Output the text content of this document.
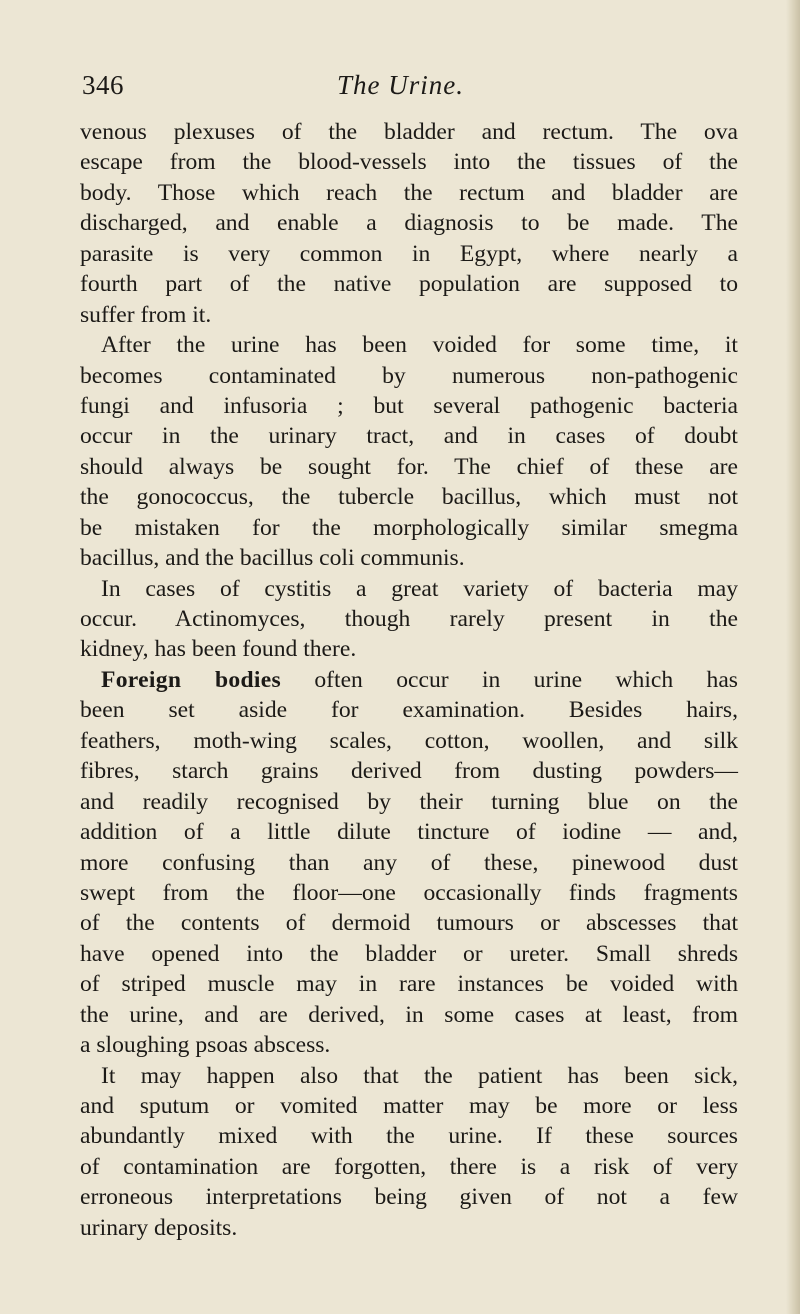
346	The Urine.
venous plexuses of the bladder and rectum. The ova
escape from the blood-vessels into the tissues of the
body. Those which reach the rectum and bladder are
discharged, and enable a diagnosis to be made. The
parasite is very common in Egypt, where nearly a
fourth part of the native population are supposed to
suffer from it.
After the urine has been voided for some time, it
becomes contaminated by numerous non-pathogenic
fungi and infusoria ; but several pathogenic bacteria
occur in the urinary tract, and in cases of doubt
should always be sought for. The chief of these are
the gonococcus, the tubercle bacillus, which must not
be mistaken for the morphologically similar smegma
bacillus, and the bacillus coli communis.
In cases of cystitis a great variety of bacteria may
occur. Actinomyces, though rarely present in the
kidney, has been found there.
Foreign bodies often occur in urine which has
been set aside for examination. Besides hairs,
feathers, moth-wing scales, cotton, woollen, and silk
fibres, starch grains derived from dusting powders—
and readily recognised by their turning blue on the
addition of a little dilute tincture of iodine — and,
more confusing than any of these, pinewood dust
swept from the floor—one occasionally finds fragments
of the contents of dermoid tumours or abscesses that
have opened into the bladder or ureter. Small shreds
of striped muscle may in rare instances be voided with
the urine, and are derived, in some cases at least, from
a sloughing psoas abscess.
It may happen also that the patient has been sick,
and sputum or vomited matter may be more or less
abundantly mixed with the urine. If these sources
of contamination are forgotten, there is a risk of very
erroneous interpretations being given of not a few
urinary deposits.
